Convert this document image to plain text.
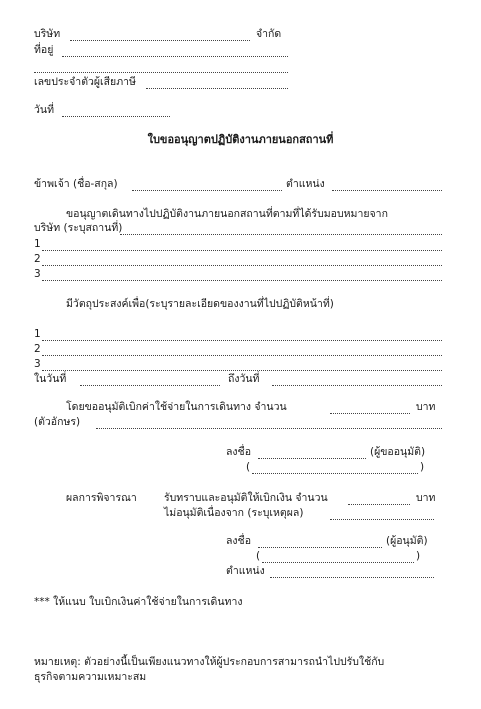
บริษัท	จำกัด
ที่อยู่
เลขประจำตัวผู้เสียภาษี
วันที่
ใบขออนุญาตปฏิบัติงานภายนอกสถานที่
ข้าพเจ้า (ชื่อ-สกุล)	ตำแหน่ง
ขอนุญาตเดินทางไปปฏิบัติงานภายนอกสถานที่ตามที่ได้รับมอบหมายจาก
บริษัท (ระบุสถานที่)
1
2
3
มีวัตถุประสงค์เพื่อ(ระบุรายละเอียดของงานที่ไปปฏิบัติหน้าที่)
1
2
3
ในวันที่	ถึงวันที่
โดยขออนุมัติเบิกค่าใช้จ่ายในการเดินทาง จำนวน	บาท
(ตัวอักษร)
ลงชื่อ	(ผู้ขออนุมัติ)
(	)
ผลการพิจารณา	รับทราบและอนุมัติให้เบิกเงิน จำนวน	บาท
ไม่อนุมัติเนื่องจาก (ระบุเหตุผล)
ลงชื่อ	(ผู้อนุมัติ)
(	)
ตำแหน่ง
*** ให้แนบ ใบเบิกเงินค่าใช้จ่ายในการเดินทาง
หมายเหตุ: ตัวอย่างนี้เป็นเพียงแนวทางให้ผู้ประกอบการสามารถนำไปปรับใช้กับ
ธุรกิจตามความเหมาะสม
